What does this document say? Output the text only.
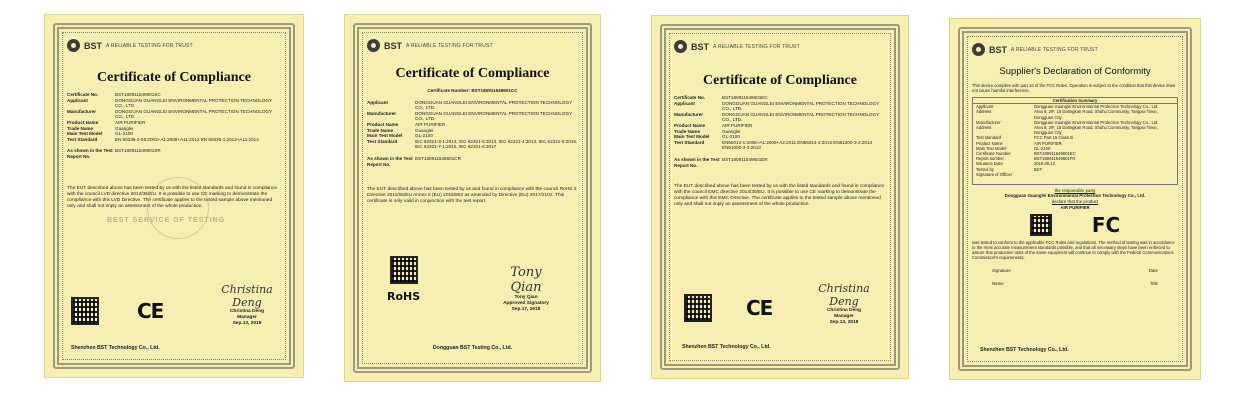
BST A RELIABLE TESTING FOR TRUST
Certificate of Compliance
Certificate No.	BST180911549601SC
Applicant	DONGGUAN GUANGLEI ENVIRONMENTAL PROTECTION TECHNOLOGY CO., LTD.
Manufacturer	DONGGUAN GUANGLEI ENVIRONMENTAL PROTECTION TECHNOLOGY CO., LTD.
Product Name	AIR PURIFIER
Trade Name	Guanglei
Main Test Model	GL-2100
Test Standard	EN 60335-2-65:2003+A1:2008+A11:2012 EN 60335-1:2012+A11:2014
As shown in the Test Report No.
BST180911549601SR
BEST SERVICE OF TESTING
The EUT described above has been tested by us with the listed standards and found in compliance with the council LVD directive 2014/35/EU. It is possible to use CE marking to demonstrate the compliance with this LVD Directive. The certificate applies to the tested sample above mentioned only and shall not imply an assessment of the whole production.
CE
Christina Deng
Christina Deng
Manager
Sep.13, 2018
Shenzhen BST Technology Co., Ltd.
BST A RELIABLE TESTING FOR TRUST
Certificate of Compliance
Certificate Number: BST180911549601CC
Applicant	DONGGUAN GUANGLEI ENVIRONMENTAL PROTECTION TECHNOLOGY CO., LTD.
Manufacturer	DONGGUAN GUANGLEI ENVIRONMENTAL PROTECTION TECHNOLOGY CO., LTD.
Product Name	AIR PURIFIER
Trade Name	Guanglei
Main Test Model	GL-2100
Test Standard	IEC 62321-3-1:2013, IEC 62321-5:2013, IEC 62321-4:2013, IEC 62321-6:2015, IEC 62321-7-1:2015, IEC 62321-8:2017
As shown in the Test Report No.
BST180911549601CR
The EUT described above has been tested by us and found in compliance with the council RoHS 2 Directive 2011/65/EU Annex II (EU) 2015/863 as amended by Directive (EU) 2017/2102. This certificate is only valid in conjunction with the test report.
RoHS
Tony Qian
Tony Qian
Approved Signatory
Sep.17, 2018
Dongguan BST Testing Co., Ltd.
BST A RELIABLE TESTING FOR TRUST
Certificate of Compliance
Certificate No.	BST180911549601EC
Applicant	DONGGUAN GUANGLEI ENVIRONMENTAL PROTECTION TECHNOLOGY CO., LTD.
Manufacturer	DONGGUAN GUANGLEI ENVIRONMENTAL PROTECTION TECHNOLOGY CO., LTD.
Product Name	AIR PURIFIER
Trade Name	Guanglei
Main Test Model	GL-2100
Test Standard	EN55014-1:2006+A1:2009+A2:2011 EN55014-2:2015 EN61000-3-2:2014 EN61000-3-3:2013
As shown in the Test Report No.
BST180911549601ER
The EUT described above has been tested by us with the listed standards and found in compliance with the council EMC directive 2014/30/EU. It is possible to use CE marking to demonstrate the compliance with this EMC Directive. The certificate applies to the tested sample above mentioned only and shall not imply an assessment of the whole production.
CE
Christina Deng
Christina Deng
Manager
Sep.13, 2018
Shenzhen BST Technology Co., Ltd.
BST A RELIABLE TESTING FOR TRUST
Supplier's Declaration of Conformity
This device complies with part 15 of the FCC Rules. Operation is subject to the condition that this device does not cause harmful interference.
Certification Summary
Applicant	Dongguan Guanglei Environmental Protection Technology Co., Ltd.
Address	Area 8, 2/F, 15 Datingkan Road, Shahu Community, Tangxia Town, Dongguan City
Manufacturer	Dongguan Guanglei Environmental Protection Technology Co., Ltd.
Address	Area 8, 2/F, 15 Datingkan Road, Shahu Community, Tangxia Town, Dongguan City
Test standard	FCC Part 15 Class B
Product Name	AIR PURIFIER
Main Test Model	GL-2100
Certificate Number	BST180911549601EC
Report number	BST180911549601FR
Issuance Date	2018.09.13
Tested by	BST
Signature of Officer
the responsible party
Dongguan Guanglei Environmental Protection Technology Co., Ltd.
declare that the product
AIR PURIFIER
FC
was tested to conform to the applicable FCC Rules and regulations. The method of testing was in accordance to the most accurate measurement standards possible, and that all necessary steps have been enforced to assure that production units of the same equipment will continue to comply with the Federal Communications Commission's requirements.
Signature	Date
Name	Title
Shenzhen BST Technology Co., Ltd.
